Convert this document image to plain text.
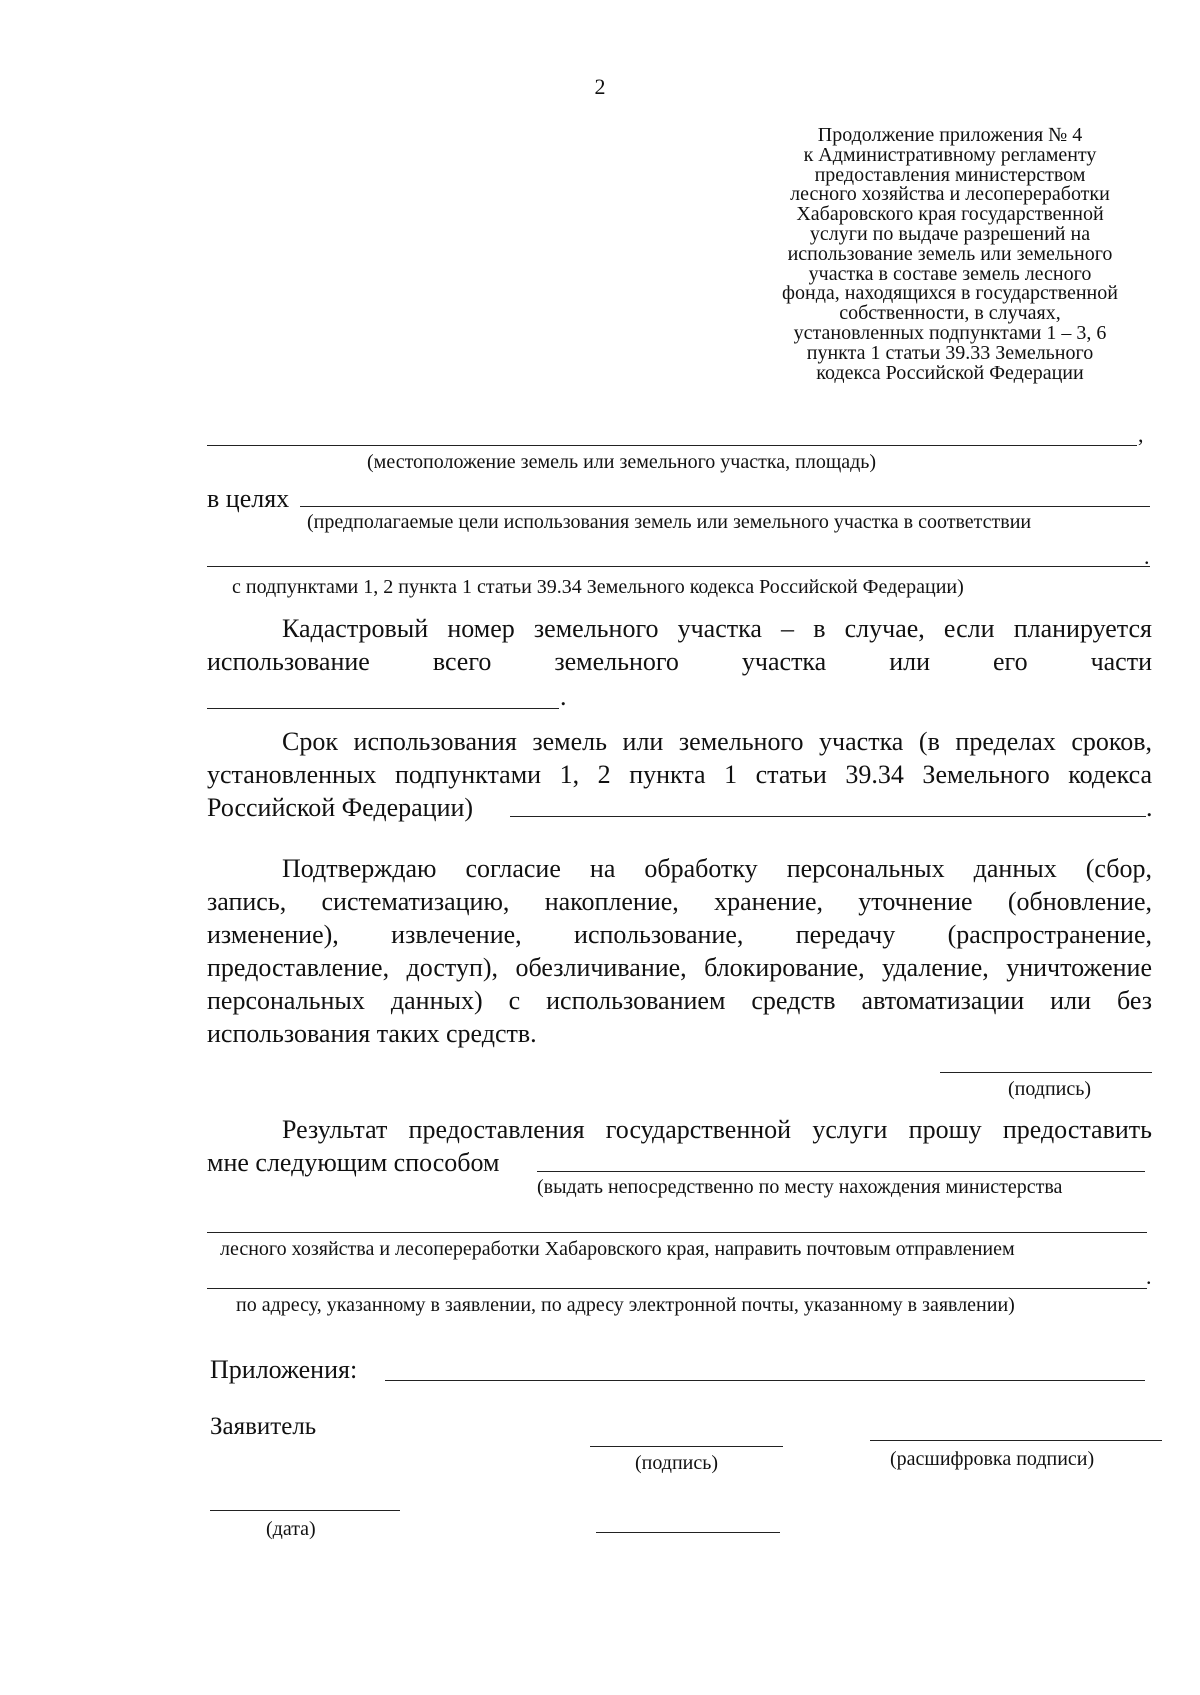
2
Продолжение приложения № 4
к Административному регламенту
предоставления министерством
лесного хозяйства и лесопереработки
Хабаровского края государственной
услуги по выдаче разрешений на
использование земель или земельного
участка в составе земель лесного
фонда, находящихся в государственной
собственности, в случаях,
установленных подпунктами 1 – 3, 6
пункта 1 статьи 39.33 Земельного
кодекса Российской Федерации
,
(местоположение земель или земельного участка, площадь)
в целях
(предполагаемые цели использования земель или земельного участка в соответствии
.
с подпунктами 1, 2 пункта 1 статьи 39.34 Земельного кодекса Российской Федерации)
Кадастровый номер земельного участка – в случае, если планируется
использование всего земельного участка или его части
.
Срок использования земель или земельного участка (в пределах сроков,
установленных подпунктами 1, 2 пункта 1 статьи 39.34 Земельного кодекса
Российской Федерации)	.
Подтверждаю согласие на обработку персональных данных (сбор,
запись, систематизацию, накопление, хранение, уточнение (обновление,
изменение), извлечение, использование, передачу (распространение,
предоставление, доступ), обезличивание, блокирование, удаление, уничтожение
персональных данных) с использованием средств автоматизации или без
использования таких средств.
(подпись)
Результат предоставления государственной услуги прошу предоставить
мне следующим способом
(выдать непосредственно по месту нахождения министерства
лесного хозяйства и лесопереработки Хабаровского края, направить почтовым отправлением
.
по адресу, указанному в заявлении, по адресу электронной почты, указанному в заявлении)
Приложения:
Заявитель
(подпись)	(расшифровка подписи)
(дата)
